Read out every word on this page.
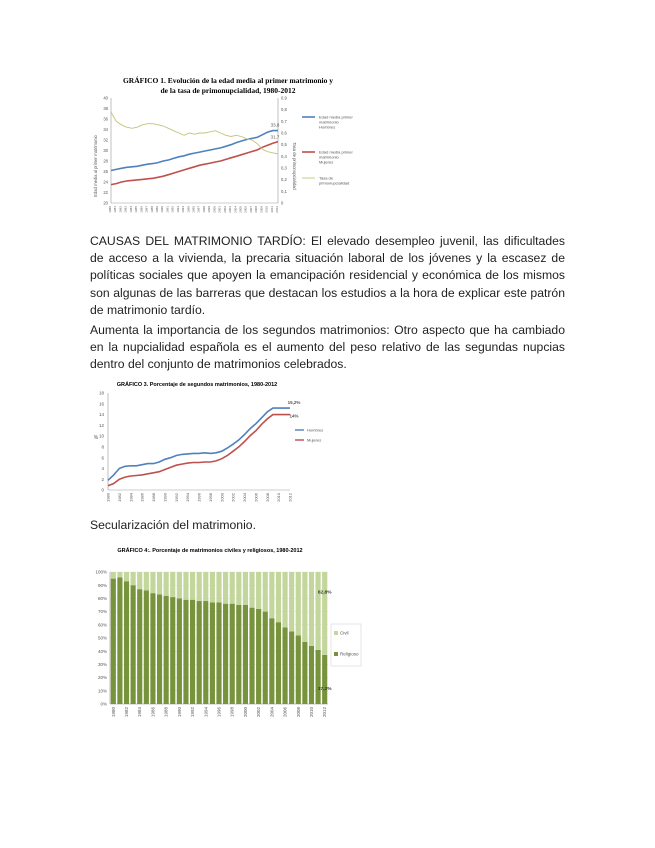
GRÁFICO 1. Evolución de la edad media al primer matrimonio y
de la tasa de primonupcialidad, 1980-2012
Edad media al primer matrimonio	Tasa de primonupcialidad
Edad media primer
matrimonio
Hombres
Edad media primer
matrimonio
Mujeres
Tasa de
primonupcialidad
40
38
36
34
32
30
28
26
24
22
20
0,9
0,8
0,7
0,6
0,5
0,4
0,3
0,2
0,1
0
1980 1981 1982 1983 1984 1985 1986 1987 1988 1989 1990 1991 1992 1993 1994 1995 1996 1997 1998 1999 2000 2001 2002 2003 2004 2005 2006 2007 2008 2009 2010 2011 2012
33,8
31,7

CAUSAS DEL MATRIMONIO TARDÍO: El elevado desempleo juvenil, las dificultades de acceso a la vivienda, la precaria situación laboral de los jóvenes y la escasez de políticas sociales que apoyen la emancipación residencial y económica de los mismos son algunas de las barreras que destacan los estudios a la hora de explicar este patrón de matrimonio tardío.

Aumenta la importancia de los segundos matrimonios: Otro aspecto que ha cambiado en la nupcialidad española es el aumento del peso relativo de las segundas nupcias dentro del conjunto de matrimonios celebrados.

GRÁFICO 3. Porcentaje de segundos matrimonios, 1980-2012
%
Hombres
Mujeres
18
16
14
12
10
8
6
4
2
0
1980 1982 1984 1986 1988 1990 1992 1994 1996 1998 2000 2002 2004 2006 2008 2010 2012
15,2%
14%

Secularización del matrimonio.

GRÁFICO 4:. Porcentaje de matrimonios civiles y religiosos, 1980-2012
Civil
Religioso
100%
90%
80%
70%
60%
50%
40%
30%
20%
10%
0%
1980 1982 1984 1986 1988 1990 1992 1994 1996 1998 2000 2002 2004 2006 2008 2010 2012
62,8%
37,2%
